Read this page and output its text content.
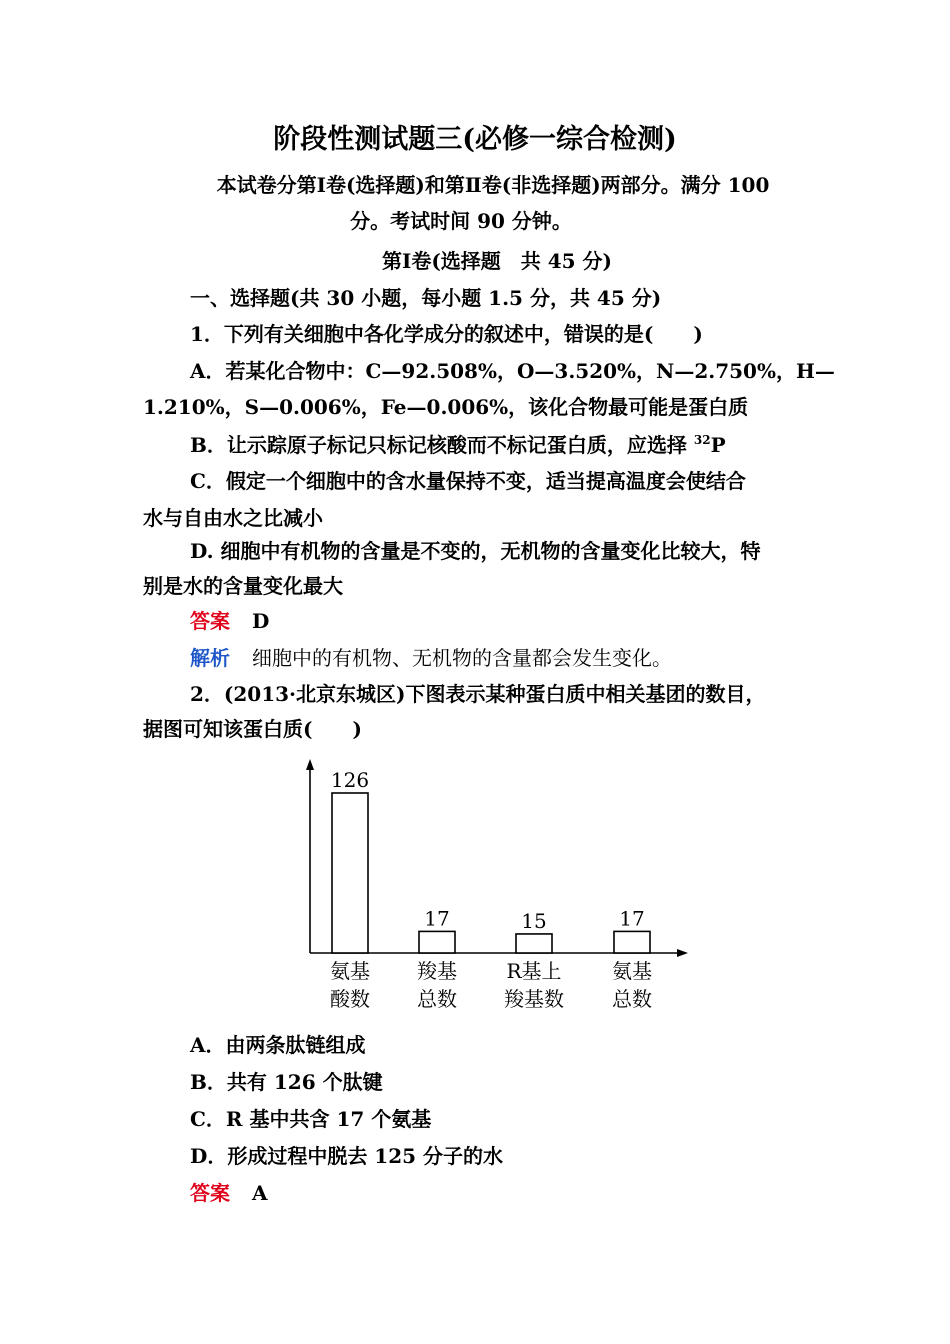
阶段性测试题三(必修一综合检测)
本试卷分第Ⅰ卷(选择题)和第Ⅱ卷(非选择题)两部分。满分 100
分。考试时间 90 分钟。
第Ⅰ卷(选择题　共 45 分)
一、选择题(共 30 小题，每小题 1.5 分，共 45 分)
1．下列有关细胞中各化学成分的叙述中，错误的是(　　)
A．若某化合物中：C—92.508%，O—3.520%，N—2.750%，H—
1.210%，S—0.006%，Fe—0.006%，该化合物最可能是蛋白质
B．让示踪原子标记只标记核酸而不标记蛋白质，应选择 $^{32}$P
C．假定一个细胞中的含水量保持不变，适当提高温度会使结合
水与自由水之比减小
D. 细胞中有机物的含量是不变的，无机物的含量变化比较大，特
别是水的含量变化最大
答案 D
解析 细胞中的有机物、无机物的含量都会发生变化。
2．(2013·北京东城区)下图表示某种蛋白质中相关基团的数目，
据图可知该蛋白质(　　)
126
17	15	17
氨基
酸数
羧基
总数
R基上
羧基数
氨基
总数
A．由两条肽链组成
B．共有 126 个肽键
C．R 基中共含 17 个氨基
D．形成过程中脱去 125 分子的水
答案 A
